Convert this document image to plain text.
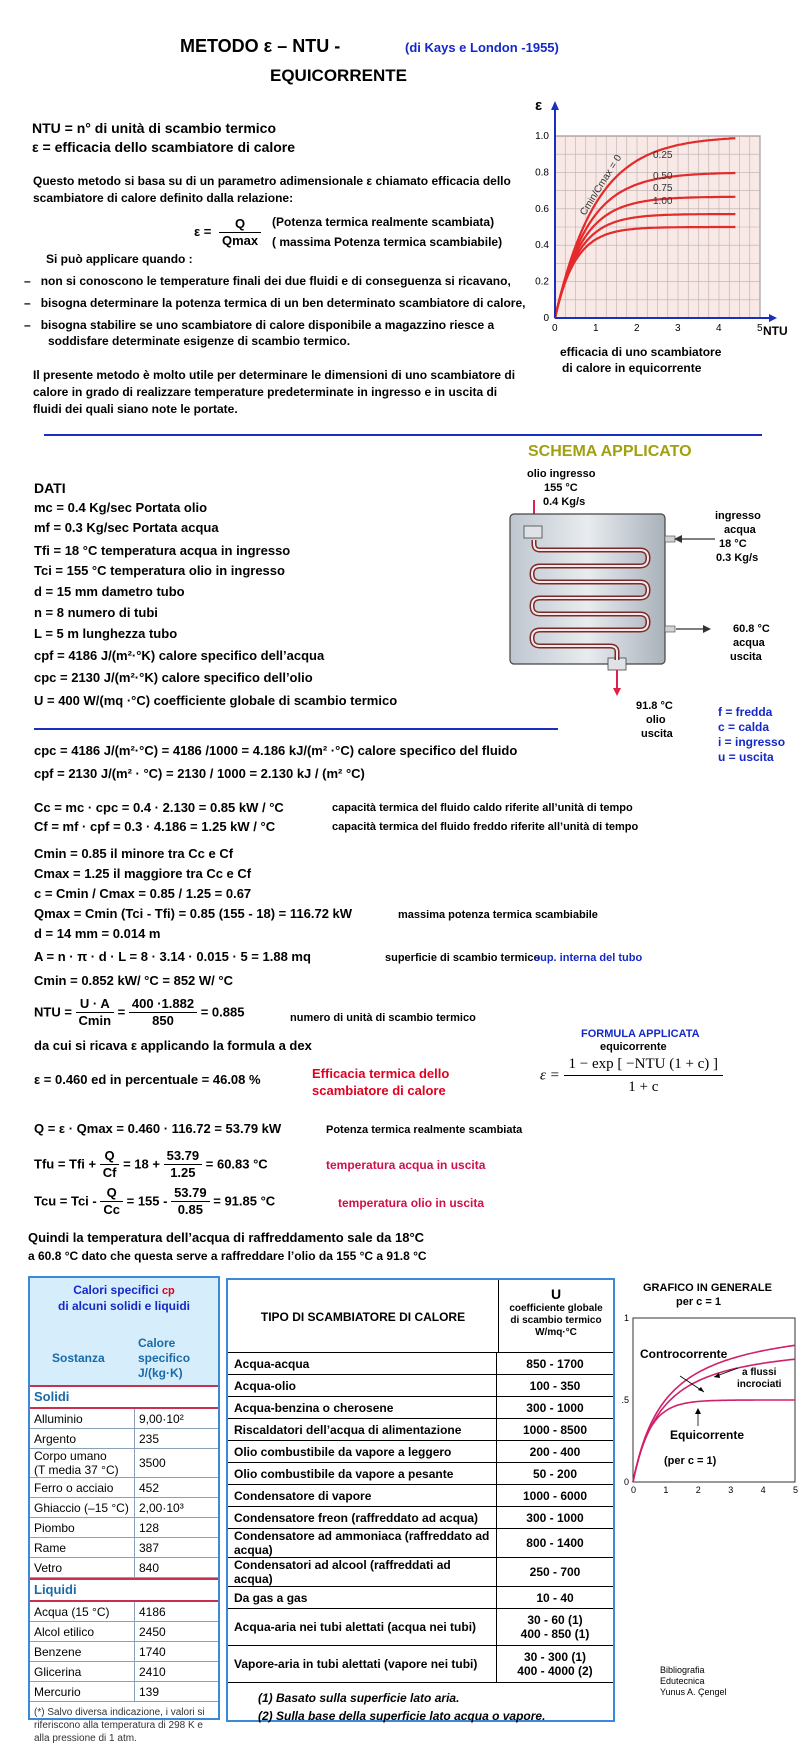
METODO ε – NTU -	(di Kays e London -1955)
EQUICORRENTE
NTU = n° di unità di scambio termico
ε = efficacia dello scambiatore di calore
Questo metodo si basa su di un parametro adimensionale ε chiamato efficacia dello
scambiatore di calore definito dalla relazione:
$\varepsilon = \frac{Q}{Qmax}$ (Potenza termica realmente scambiata)
( massima Potenza termica scambiabile)
Si può applicare quando :
–   non si conoscono le temperature finali dei due fluidi e di conseguenza si ricavano,
–   bisogna determinare la potenza termica di un ben determinato scambiatore di calore,
–   bisogna stabilire se uno scambiatore di calore disponibile a magazzino riesce a
soddisfare determinate esigenze di scambio termico.
Il presente metodo è molto utile per determinare le dimensioni di uno scambiatore di
calore in grado di realizzare temperature predeterminate in ingresso e in uscita di
fluidi dei quali siano note le portate.
0	1	2	3	4	5
0
0.2
0.4
0.6
0.8
1.0
ε
NTU
Cmin/Cmax = 0	0.25
0.50
0.75
1.00
efficacia di uno scambiatore
di calore in equicorrente
SCHEMA APPLICATO
olio ingresso
155 °C
0.4 Kg/s
ingresso
acqua
18 °C
0.3 Kg/s
60.8 °C
acqua
uscita
91.8 °C
olio
uscita
DATI
mc = 0.4 Kg/sec Portata olio
mf = 0.3 Kg/sec Portata acqua
Tfi = 18 °C temperatura acqua in ingresso
Tci = 155 °C temperatura olio in ingresso
d = 15 mm dametro tubo
n = 8 numero di tubi
L = 5 m lunghezza tubo
cpf = 4186 J/(m²·°K) calore specifico dell’acqua
cpc = 2130 J/(m²·°K) calore specifico dell’olio
U = 400 W/(mq ·°C) coefficiente globale di scambio termico
f = fredda
c = calda
i = ingresso
u = uscita
cpc = 4186 J/(m²·°C) = 4186 /1000 = 4.186 kJ/(m² ·°C) calore specifico del fluido
cpf = 2130 J/(m² · °C) = 2130 / 1000 = 2.130 kJ / (m² °C)
Cc = mc · cpc = 0.4 · 2.130 = 0.85 kW / °C	capacità termica del fluido caldo riferite all’unità di tempo
Cf = mf · cpf = 0.3 · 4.186 = 1.25 kW / °C	capacità termica del fluido freddo riferite all’unità di tempo
Cmin = 0.85 il minore tra Cc e Cf
Cmax = 1.25 il maggiore tra Cc e Cf
c = Cmin / Cmax = 0.85 / 1.25 = 0.67
Qmax = Cmin (Tci - Tfi) = 0.85 (155 - 18) = 116.72 kW	massima potenza termica scambiabile
d = 14 mm = 0.014 m
A = n · π · d · L = 8 · 3.14 · 0.015 · 5 = 1.88 mq	superficie di scambio termico
sup. interna del tubo
Cmin = 0.852 kW/ °C = 852 W/ °C
NTU = $\frac{U \cdot A}{Cmin} = \frac{400 \cdot 1.882}{850} = 0.885$	numero di unità di scambio termico
da cui si ricava ε applicando la formula a dex
ε = 0.460 ed in percentuale = 46.08 %	Efficacia termica dello
scambiatore di calore
FORMULA APPLICATA
equicorrente
$\varepsilon = \frac{\text{1 − exp [ −NTU (1 + c) ]}}{1 + c}$
Q = ε · Qmax = 0.460 · 116.72 = 53.79 kW	Potenza termica realmente scambiata
Tfu = Tfi + $\frac{Q}{Cf} = 18 + \frac{53.79}{1.25} = 60.83$ °C	temperatura acqua in uscita
Tcu = Tci - $\frac{Q}{Cc} = 155 - \frac{53.79}{0.85} = 91.85$ °C	temperatura olio in uscita
Quindi la temperatura dell’acqua di raffreddamento sale da 18°C
a 60.8 °C dato che questa serve a raffreddare l’olio da 155 °C a 91.8 °C
Calori specifici cp
di alcuni solidi e liquidi
Sostanza
Calore
specifico
J/(kg·K)
Solidi
Alluminio	9,00·10²
Argento	235
Corpo umano
(T media 37 °C)	3500
Ferro o acciaio	452
Ghiaccio (–15 °C)	2,00·10³
Piombo	128
Rame	387
Vetro	840
Liquidi
Acqua (15 °C)	4186
Alcol etilico	2450
Benzene	1740
Glicerina	2410
Mercurio	139
(*) Salvo diversa indicazione, i valori si riferiscono alla temperatura di 298 K e alla pressione di 1 atm.
TIPO DI SCAMBIATORE DI CALORE
U
coefficiente globale
di scambio termico
W/mq·°C
Acqua-acqua	850 - 1700
Acqua-olio	100 - 350
Acqua-benzina o cherosene	300 - 1000
Riscaldatori dell’acqua di alimentazione	1000 - 8500
Olio combustibile da vapore a leggero	200 - 400
Olio combustibile da vapore a pesante	50 - 200
Condensatore di vapore	1000 - 6000
Condensatore freon (raffreddato ad acqua)	300 - 1000
Condensatore ad ammoniaca (raffreddato ad acqua)	800 - 1400
Condensatori ad alcool (raffreddati ad acqua)	250 - 700
Da gas a gas	10 - 40
Acqua-aria nei tubi alettati (acqua nei tubi)	30 - 60 (1)
400 - 850 (1)
Vapore-aria in tubi alettati (vapore nei tubi)	30 - 300 (1)
400 - 4000 (2)
(1) Basato sulla superficie lato aria.
(2) Sulla base della superficie lato acqua o vapore.
GRAFICO IN GENERALE
per c = 1
0	1	2	3	4	5
0
.5
1
Controcorrente
a flussi
incrociati
Equicorrente
(per c = 1)
Bibliografia
Edutecnica
Yunus A. Çengel
